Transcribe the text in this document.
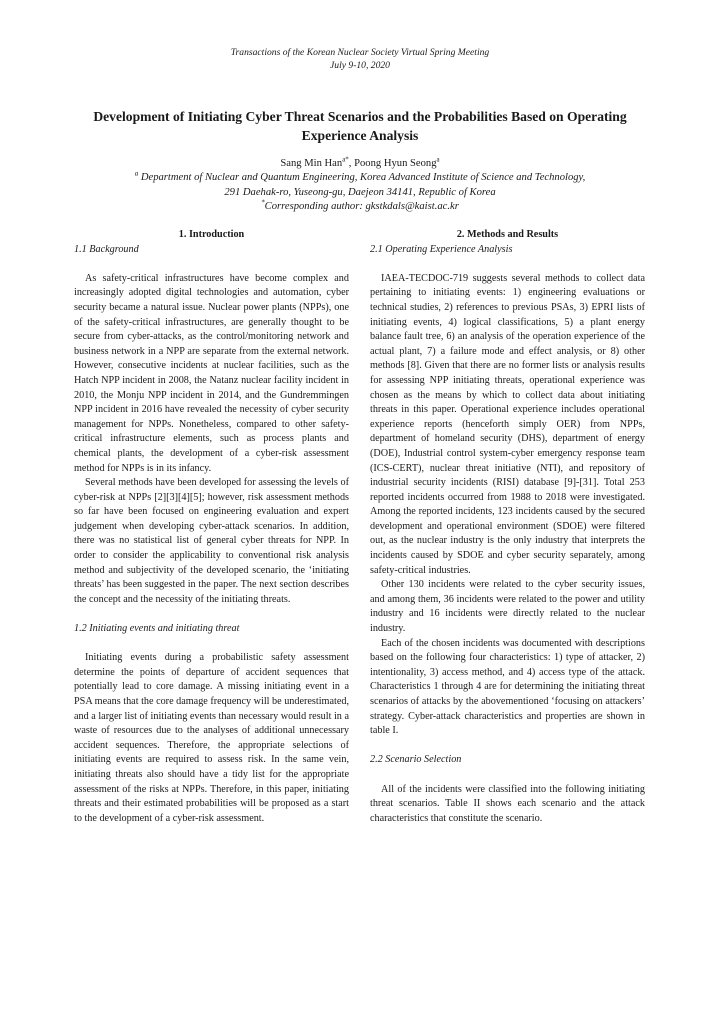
Transactions of the Korean Nuclear Society Virtual Spring Meeting
July 9-10, 2020
Development of Initiating Cyber Threat Scenarios and the Probabilities Based on Operating Experience Analysis
Sang Min Han$^{a*}$, Poong Hyun Seong$^a$
$^a$ Department of Nuclear and Quantum Engineering, Korea Advanced Institute of Science and Technology,
291 Daehak-ro, Yuseong-gu, Daejeon 34141, Republic of Korea
*Corresponding author: gkstkdals@kaist.ac.kr
1. Introduction
1.1 Background

As safety-critical infrastructures have become complex and increasingly adopted digital technologies and automation, cyber security became a natural issue. Nuclear power plants (NPPs), one of the safety-critical infrastructures, are generally thought to be secure from cyber-attacks, as the control/monitoring network and business network in a NPP are separate from the external network. However, consecutive incidents at nuclear facilities, such as the Hatch NPP incident in 2008, the Natanz nuclear facility incident in 2010, the Monju NPP incident in 2014, and the Gundremmingen NPP incident in 2016 have revealed the necessity of cyber security management for NPPs. Nonetheless, compared to other safety-critical infrastructure elements, such as process plants and chemical plants, the development of a cyber-risk assessment method for NPPs is in its infancy.

Several methods have been developed for assessing the levels of cyber-risk at NPPs [2][3][4][5]; however, risk assessment methods so far have been focused on engineering evaluation and expert judgement when developing cyber-attack scenarios. In addition, there was no statistical list of general cyber threats for NPP. In order to consider the applicability to conventional risk analysis method and subjectivity of the developed scenario, the ‘initiating threats’ has been suggested in the paper. The next section describes the concept and the necessity of the initiating threats.

1.2 Initiating events and initiating threat

Initiating events during a probabilistic safety assessment determine the points of departure of accident sequences that potentially lead to core damage. A missing initiating event in a PSA means that the core damage frequency will be underestimated, and a larger list of initiating events than necessary would result in a waste of resources due to the analyses of additional unnecessary accident sequences. Therefore, the appropriate selections of initiating events are required to assess risk. In the same vein, initiating threats also should have a tidy list for the appropriate assessment of the risks at NPPs. Therefore, in this paper, initiating threats and their estimated probabilities will be proposed as a start to the development of a cyber-risk assessment.

2. Methods and Results
2.1 Operating Experience Analysis

IAEA-TECDOC-719 suggests several methods to collect data pertaining to initiating events: 1) engineering evaluations or technical studies, 2) references to previous PSAs, 3) EPRI lists of initiating events, 4) logical classifications, 5) a plant energy balance fault tree, 6) an analysis of the operation experience of the actual plant, 7) a failure mode and effect analysis, or 8) other methods [8]. Given that there are no former lists or analysis results for assessing NPP initiating threats, operational experience was chosen as the means by which to collect data about initiating threats in this paper. Operational experience includes operational experience reports (henceforth simply OER) from NPPs, department of homeland security (DHS), department of energy (DOE), Industrial control system-cyber emergency response team (ICS-CERT), nuclear threat initiative (NTI), and repository of industrial security incidents (RISI) database [9]-[31]. Total 253 reported incidents occurred from 1988 to 2018 were investigated. Among the reported incidents, 123 incidents caused by the secured development and operational environment (SDOE) were filtered out, as the nuclear industry is the only industry that interprets the incidents caused by SDOE and cyber security separately, among safety-critical industries.

Other 130 incidents were related to the cyber security issues, and among them, 36 incidents were related to the power and utility industry and 16 incidents were directly related to the nuclear industry.

Each of the chosen incidents was documented with descriptions based on the following four characteristics: 1) type of attacker, 2) intentionality, 3) access method, and 4) access type of the attack. Characteristics 1 through 4 are for determining the initiating threat scenarios of attacks by the abovementioned ‘focusing on attackers’ strategy. Cyber-attack characteristics and properties are shown in table I.

2.2 Scenario Selection

All of the incidents were classified into the following initiating threat scenarios. Table II shows each scenario and the attack characteristics that constitute the scenario.
